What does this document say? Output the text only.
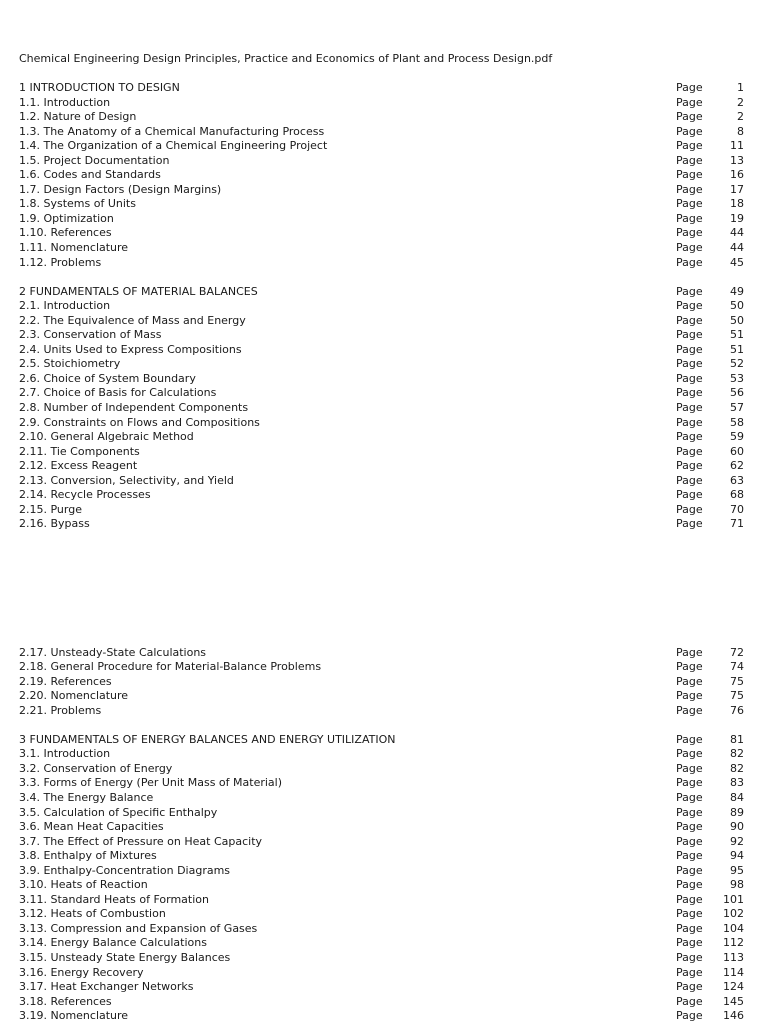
Chemical Engineering Design Principles, Practice and Economics of Plant and Process Design.pdf
1 INTRODUCTION TO DESIGN	Page	1
1.1. Introduction	Page	2
1.2. Nature of Design	Page	2
1.3. The Anatomy of a Chemical Manufacturing Process	Page	8
1.4. The Organization of a Chemical Engineering Project	Page 11
1.5. Project Documentation	Page 13
1.6. Codes and Standards	Page 16
1.7. Design Factors (Design Margins)	Page 17
1.8. Systems of Units	Page 18
1.9. Optimization	Page 19
1.10. References	Page 44
1.11. Nomenclature	Page 44
1.12. Problems	Page 45
2 FUNDAMENTALS OF MATERIAL BALANCES	Page 49
2.1. Introduction	Page 50
2.2. The Equivalence of Mass and Energy	Page 50
2.3. Conservation of Mass	Page 51
2.4. Units Used to Express Compositions	Page 51
2.5. Stoichiometry	Page 52
2.6. Choice of System Boundary	Page 53
2.7. Choice of Basis for Calculations	Page 56
2.8. Number of Independent Components	Page 57
2.9. Constraints on Flows and Compositions	Page 58
2.10. General Algebraic Method	Page 59
2.11. Tie Components	Page 60
2.12. Excess Reagent	Page 62
2.13. Conversion, Selectivity, and Yield	Page 63
2.14. Recycle Processes	Page 68
2.15. Purge	Page 70
2.16. Bypass	Page 71
2.17. Unsteady-State Calculations	Page 72
2.18. General Procedure for Material-Balance Problems	Page 74
2.19. References	Page 75
2.20. Nomenclature	Page 75
2.21. Problems	Page 76
3 FUNDAMENTALS OF ENERGY BALANCES AND ENERGY UTILIZATION	Page 81
3.1. Introduction	Page 82
3.2. Conservation of Energy	Page 82
3.3. Forms of Energy (Per Unit Mass of Material)	Page 83
3.4. The Energy Balance	Page 84
3.5. Calculation of Specific Enthalpy	Page 89
3.6. Mean Heat Capacities	Page 90
3.7. The Effect of Pressure on Heat Capacity	Page 92
3.8. Enthalpy of Mixtures	Page 94
3.9. Enthalpy-Concentration Diagrams	Page 95
3.10. Heats of Reaction	Page 98
3.11. Standard Heats of Formation	Page 101
3.12. Heats of Combustion	Page 102
3.13. Compression and Expansion of Gases	Page 104
3.14. Energy Balance Calculations	Page 112
3.15. Unsteady State Energy Balances	Page 113
3.16. Energy Recovery	Page 114
3.17. Heat Exchanger Networks	Page 124
3.18. References	Page 145
3.19. Nomenclature	Page 146
